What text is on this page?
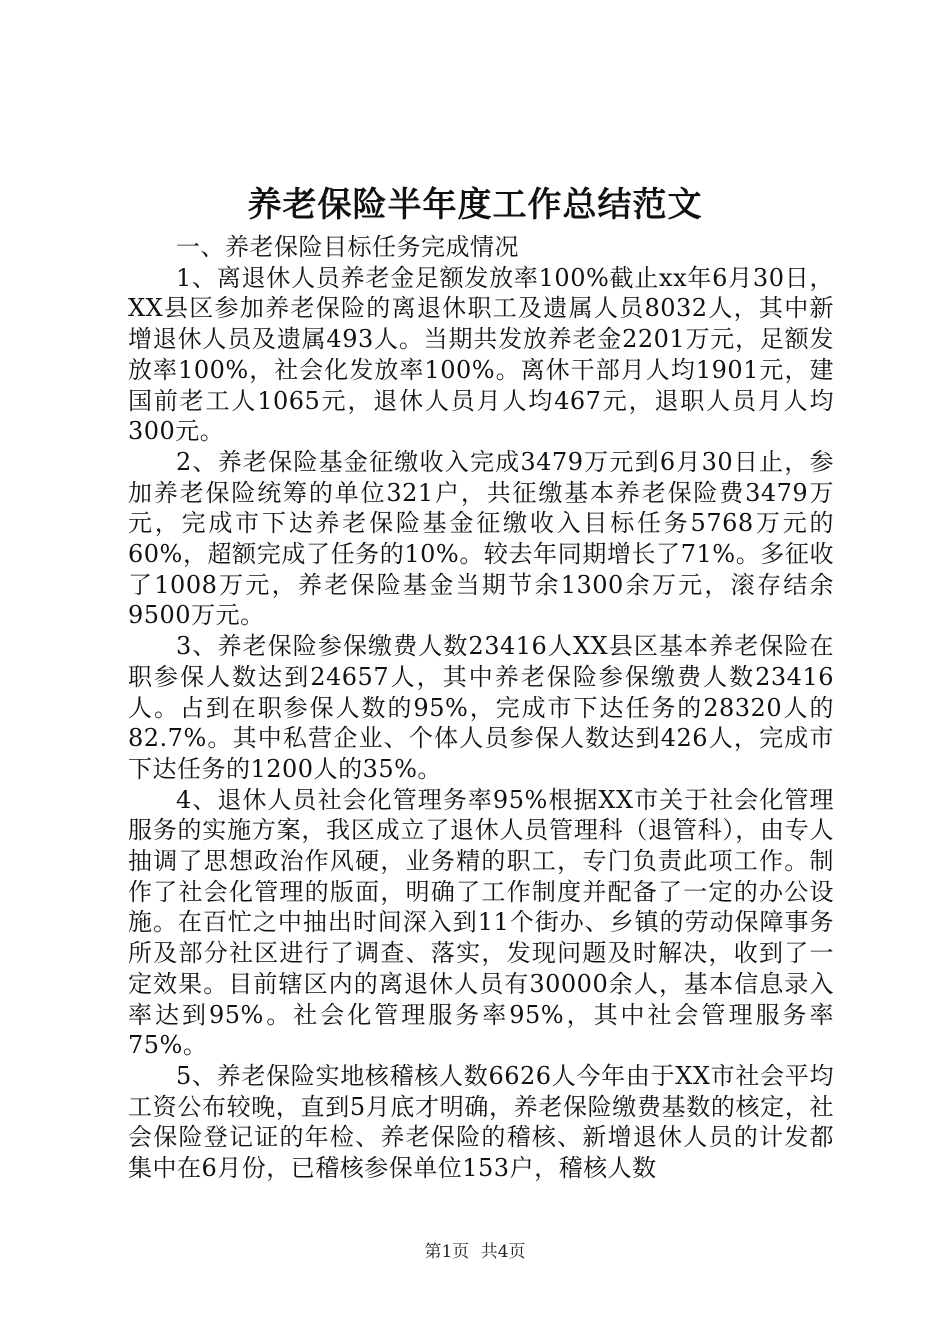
养老保险半年度工作总结范文

一、养老保险目标任务完成情况

1、离退休人员养老金足额发放率100%截止xx年6月30日，XX县区参加养老保险的离退休职工及遗属人员8032人，其中新增退休人员及遗属493人。当期共发放养老金2201万元，足额发放率100%，社会化发放率100%。离休干部月人均1901元，建国前老工人1065元，退休人员月人均467元，退职人员月人均300元。

2、养老保险基金征缴收入完成3479万元到6月30日止，参加养老保险统筹的单位321户，共征缴基本养老保险费3479万元，完成市下达养老保险基金征缴收入目标任务5768万元的60%，超额完成了任务的10%。较去年同期增长了71%。多征收了1008万元，养老保险基金当期节余1300余万元，滚存结余9500万元。

3、养老保险参保缴费人数23416人XX县区基本养老保险在职参保人数达到24657人，其中养老保险参保缴费人数23416人。占到在职参保人数的95%，完成市下达任务的28320人的82.7%。其中私营企业、个体人员参保人数达到426人，完成市下达任务的1200人的35%。

4、退休人员社会化管理务率95%根据XX市关于社会化管理服务的实施方案，我区成立了退休人员管理科（退管科），由专人抽调了思想政治作风硬，业务精的职工，专门负责此项工作。制作了社会化管理的版面，明确了工作制度并配备了一定的办公设施。在百忙之中抽出时间深入到11个街办、乡镇的劳动保障事务所及部分社区进行了调查、落实，发现问题及时解决，收到了一定效果。目前辖区内的离退休人员有30000余人，基本信息录入率达到95%。社会化管理服务率95%，其中社会管理服务率75%。

5、养老保险实地核稽核人数6626人今年由于XX市社会平均工资公布较晚，直到5月底才明确，养老保险缴费基数的核定，社会保险登记证的年检、养老保险的稽核、新增退休人员的计发都集中在6月份，已稽核参保单位153户，稽核人数

第1页 共4页
